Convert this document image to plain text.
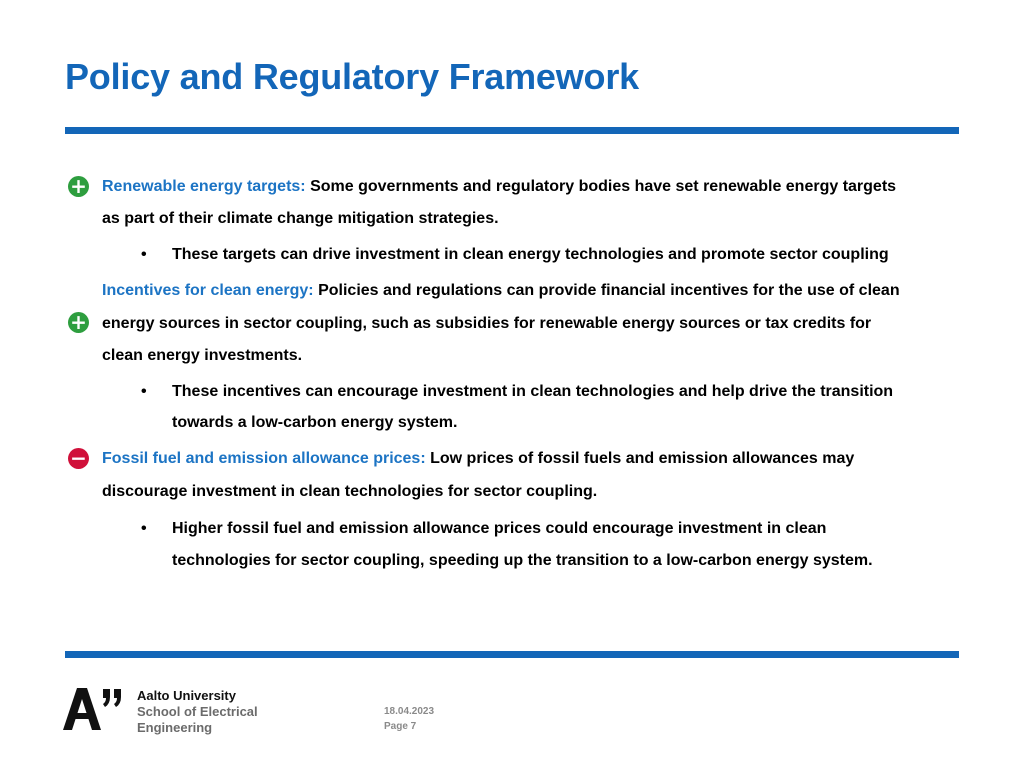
Policy and Regulatory Framework
+ Renewable energy targets: Some governments and regulatory bodies have set renewable energy targets
as part of their climate change mitigation strategies.
• These targets can drive investment in clean energy technologies and promote sector coupling
Incentives for clean energy: Policies and regulations can provide financial incentives for the use of clean
+ energy sources in sector coupling, such as subsidies for renewable energy sources or tax credits for
clean energy investments.
• These incentives can encourage investment in clean technologies and help drive the transition
towards a low-carbon energy system.
− Fossil fuel and emission allowance prices: Low prices of fossil fuels and emission allowances may
discourage investment in clean technologies for sector coupling.
• Higher fossil fuel and emission allowance prices could encourage investment in clean
technologies for sector coupling, speeding up the transition to a low-carbon energy system.
Aalto University
School of Electrical
Engineering
18.04.2023
Page 7
